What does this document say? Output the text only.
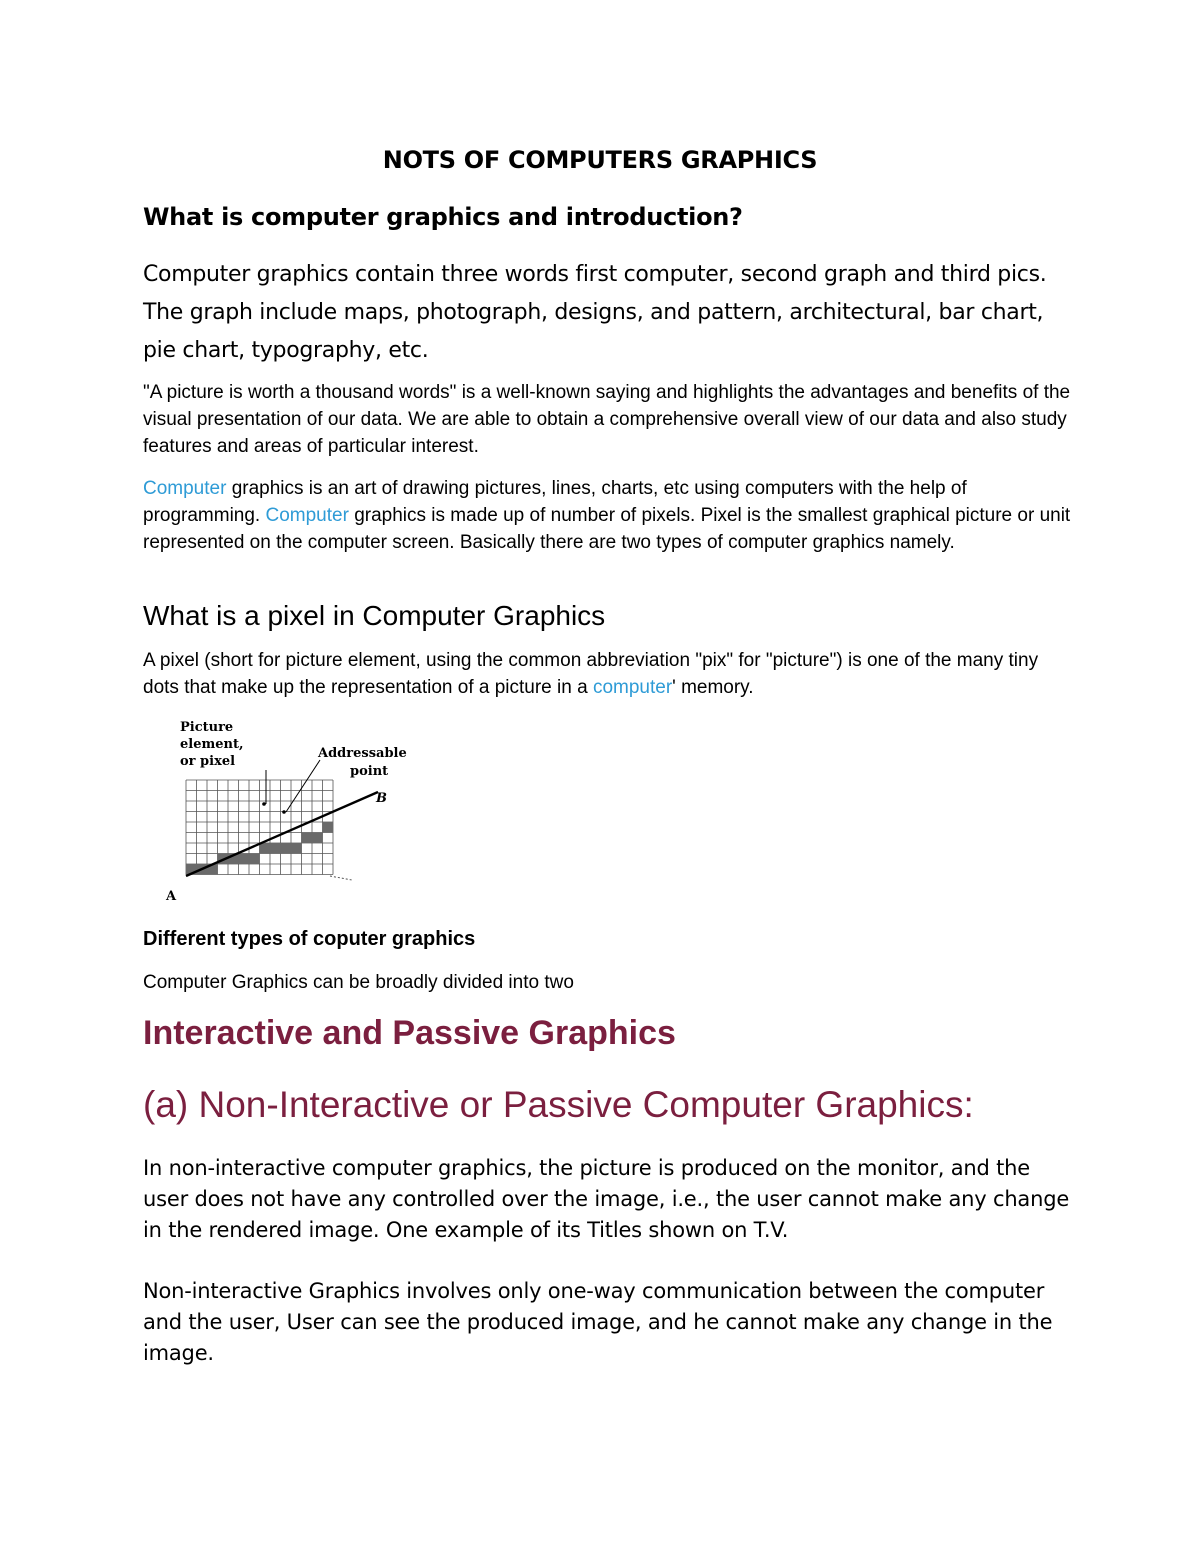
NOTS OF COMPUTERS GRAPHICS
What is computer graphics and introduction?

Computer graphics contain three words first computer, second graph and third pics. The graph include maps, photograph, designs, and pattern, architectural, bar chart, pie chart, typography, etc.

"A picture is worth a thousand words" is a well-known saying and highlights the advantages and benefits of the visual presentation of our data. We are able to obtain a comprehensive overall view of our data and also study features and areas of particular interest.

Computer graphics is an art of drawing pictures, lines, charts, etc using computers with the help of programming. Computer graphics is made up of number of pixels. Pixel is the smallest graphical picture or unit represented on the computer screen. Basically there are two types of computer graphics namely.

What is a pixel in Computer Graphics

A pixel (short for picture element, using the common abbreviation "pix" for "picture") is one of the many tiny dots that make up the representation of a picture in a computer' memory.

Picture
element,
or pixel
Addressable
point
A
B
Different types of coputer graphics
Computer Graphics can be broadly divided into two
Interactive and Passive Graphics
(a) Non-Interactive or Passive Computer Graphics:

In non-interactive computer graphics, the picture is produced on the monitor, and the user does not have any controlled over the image, i.e., the user cannot make any change in the rendered image. One example of its Titles shown on T.V.

Non-interactive Graphics involves only one-way communication between the computer and the user, User can see the produced image, and he cannot make any change in the image.
